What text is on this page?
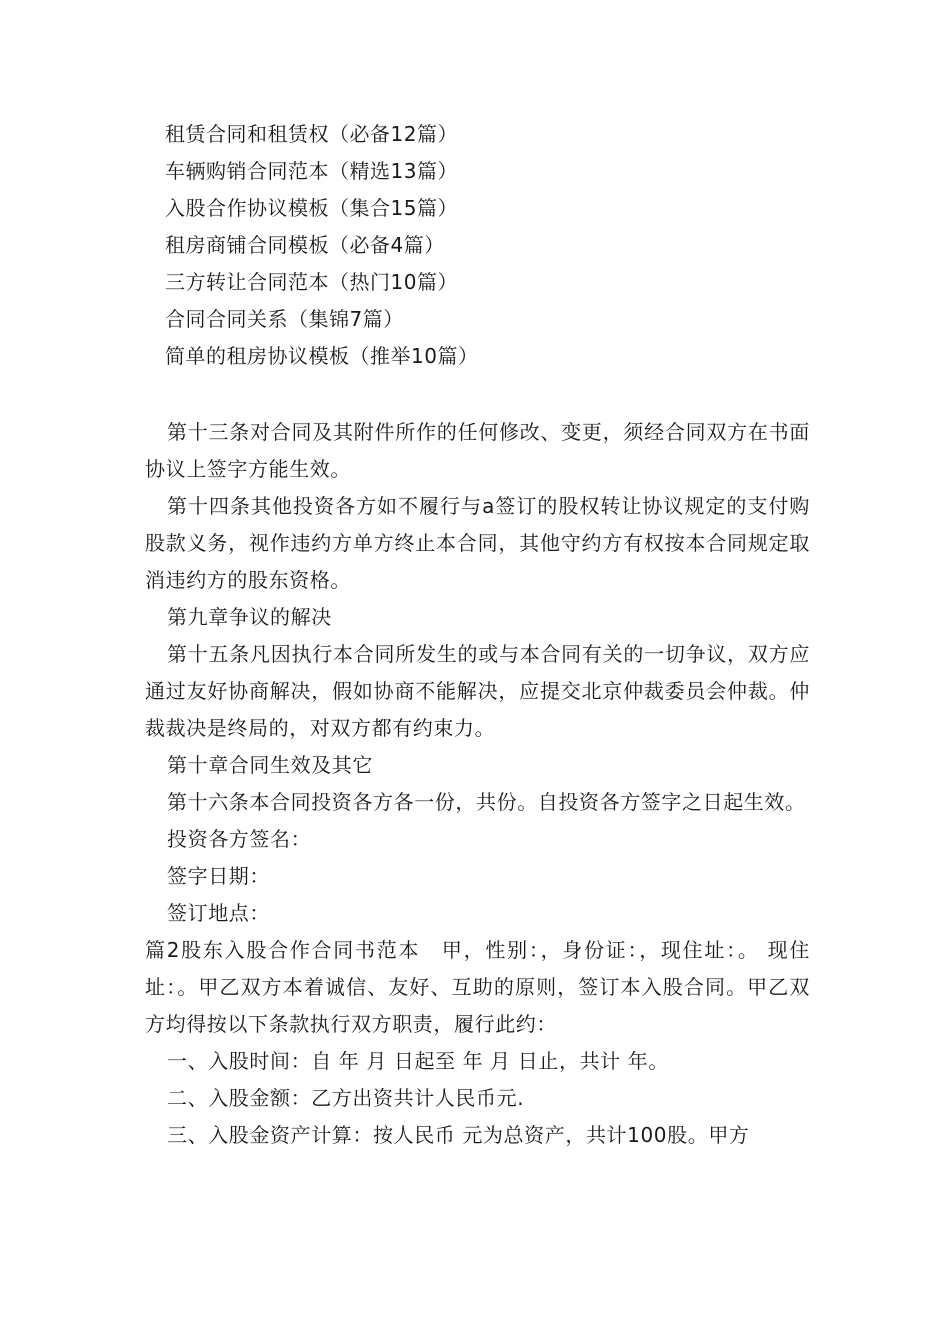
租赁合同和租赁权（必备12篇）
车辆购销合同范本（精选13篇）
入股合作协议模板（集合15篇）
租房商铺合同模板（必备4篇）
三方转让合同范本（热门10篇）
合同合同关系（集锦7篇）
简单的租房协议模板（推举10篇）

第十三条对合同及其附件所作的任何修改、变更，须经合同双方在书面协议上签字方能生效。

第十四条其他投资各方如不履行与a签订的股权转让协议规定的支付购股款义务，视作违约方单方终止本合同，其他守约方有权按本合同规定取消违约方的股东资格。

第九章争议的解决

第十五条凡因执行本合同所发生的或与本合同有关的一切争议，双方应通过友好协商解决，假如协商不能解决，应提交北京仲裁委员会仲裁。仲裁裁决是终局的，对双方都有约束力。

第十章合同生效及其它

第十六条本合同投资各方各一份，共份。自投资各方签字之日起生效。

投资各方签名：

签字日期：

签订地点：

篇2股东入股合作合同书范本　甲，性别：，身份证：，现住址：。 现住址：。甲乙双方本着诚信、友好、互助的原则，签订本入股合同。甲乙双方均得按以下条款执行双方职责，履行此约：

一、入股时间：自 年 月 日起至 年 月 日止，共计 年。

二、入股金额：乙方出资共计人民币元.

三、入股金资产计算：按人民币 元为总资产，共计100股。甲方
